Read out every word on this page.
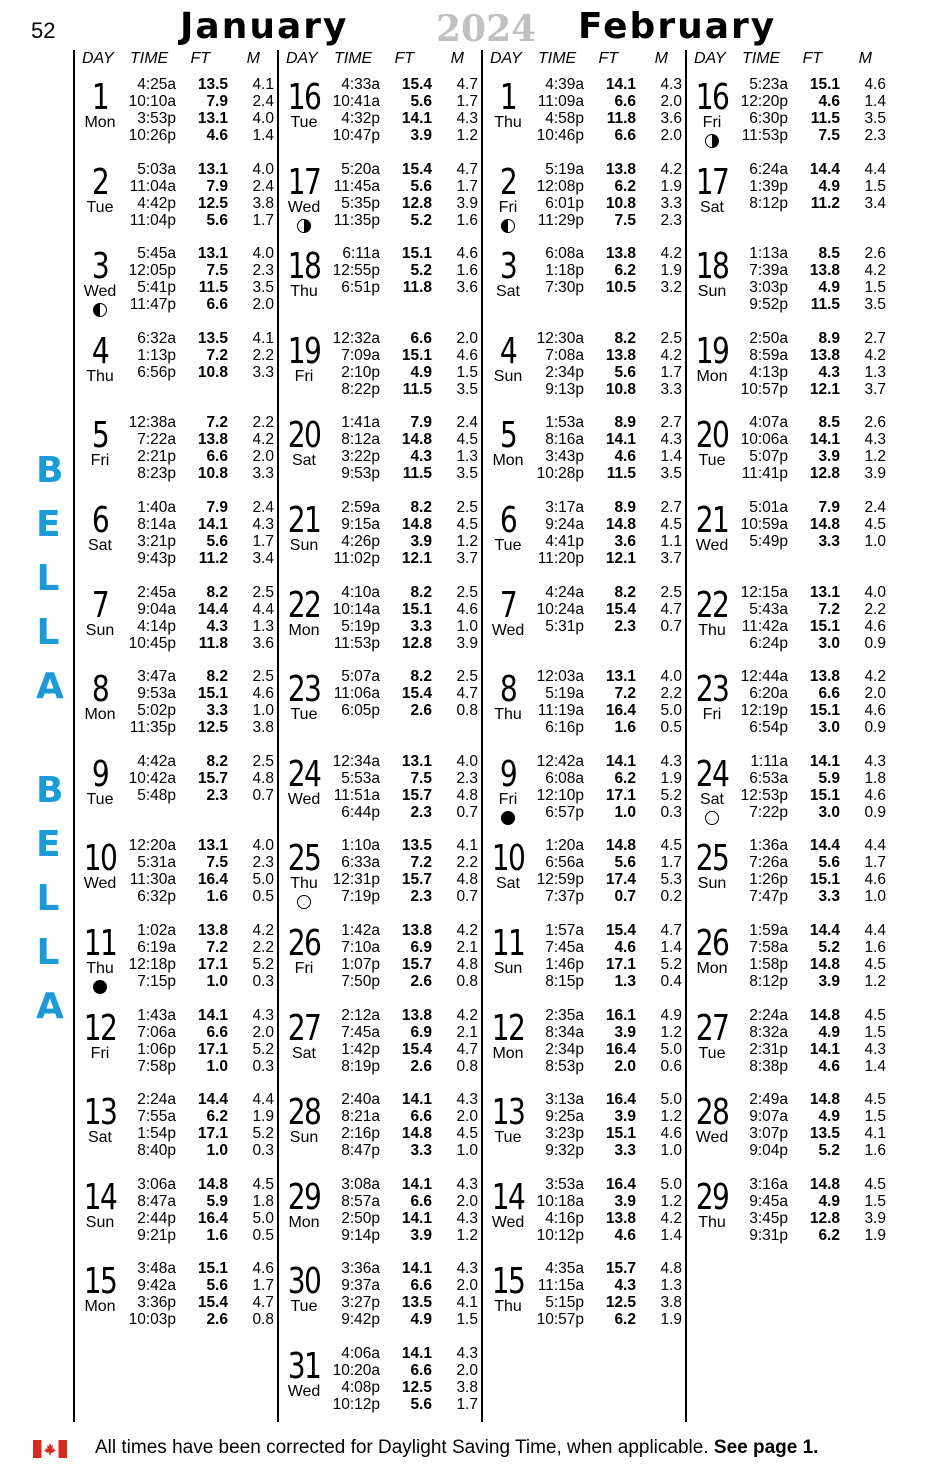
52	January 2024 February
B
E
L
L
A
B
E
L
L
A
DAY TIME FT M
1
Mon
4:25a 13.5 4.1
10:10a 7.9 2.4
3:53p 13.1 4.0
10:26p 4.6 1.4
2
Tue
5:03a 13.1 4.0
11:04a 7.9 2.4
4:42p 12.5 3.8
11:04p 5.6 1.7
3
Wed
5:45a 13.1 4.0
12:05p 7.5 2.3
5:41p 11.5 3.5
11:47p 6.6 2.0
4
Thu
6:32a 13.5 4.1
1:13p 7.2 2.2
6:56p 10.8 3.3
5
Fri
12:38a 7.2 2.2
7:22a 13.8 4.2
2:21p 6.6 2.0
8:23p 10.8 3.3
6
Sat
1:40a 7.9 2.4
8:14a 14.1 4.3
3:21p 5.6 1.7
9:43p 11.2 3.4
7
Sun
2:45a 8.2 2.5
9:04a 14.4 4.4
4:14p 4.3 1.3
10:45p 11.8 3.6
8
Mon
3:47a 8.2 2.5
9:53a 15.1 4.6
5:02p 3.3 1.0
11:35p 12.5 3.8
9
Tue
4:42a 8.2 2.5
10:42a 15.7 4.8
5:48p 2.3 0.7
10
Wed
12:20a 13.1 4.0
5:31a 7.5 2.3
11:30a 16.4 5.0
6:32p 1.6 0.5
11
Thu
1:02a 13.8 4.2
6:19a 7.2 2.2
12:18p 17.1 5.2
7:15p 1.0 0.3
12
Fri
1:43a 14.1 4.3
7:06a 6.6 2.0
1:06p 17.1 5.2
7:58p 1.0 0.3
13
Sat
2:24a 14.4 4.4
7:55a 6.2 1.9
1:54p 17.1 5.2
8:40p 1.0 0.3
14
Sun
3:06a 14.8 4.5
8:47a 5.9 1.8
2:44p 16.4 5.0
9:21p 1.6 0.5
15
Mon
3:48a 15.1 4.6
9:42a 5.6 1.7
3:36p 15.4 4.7
10:03p 2.6 0.8
DAY TIME FT M
16
Tue
4:33a 15.4 4.7
10:41a 5.6 1.7
4:32p 14.1 4.3
10:47p 3.9 1.2
17
Wed
5:20a 15.4 4.7
11:45a 5.6 1.7
5:35p 12.8 3.9
11:35p 5.2 1.6
18
Thu
6:11a 15.1 4.6
12:55p 5.2 1.6
6:51p 11.8 3.6
19
Fri
12:32a 6.6 2.0
7:09a 15.1 4.6
2:10p 4.9 1.5
8:22p 11.5 3.5
20
Sat
1:41a 7.9 2.4
8:12a 14.8 4.5
3:22p 4.3 1.3
9:53p 11.5 3.5
21
Sun
2:59a 8.2 2.5
9:15a 14.8 4.5
4:26p 3.9 1.2
11:02p 12.1 3.7
22
Mon
4:10a 8.2 2.5
10:14a 15.1 4.6
5:19p 3.3 1.0
11:53p 12.8 3.9
23
Tue
5:07a 8.2 2.5
11:06a 15.4 4.7
6:05p 2.6 0.8
24
Wed
12:34a 13.1 4.0
5:53a 7.5 2.3
11:51a 15.7 4.8
6:44p 2.3 0.7
25
Thu
1:10a 13.5 4.1
6:33a 7.2 2.2
12:31p 15.7 4.8
7:19p 2.3 0.7
26
Fri
1:42a 13.8 4.2
7:10a 6.9 2.1
1:07p 15.7 4.8
7:50p 2.6 0.8
27
Sat
2:12a 13.8 4.2
7:45a 6.9 2.1
1:42p 15.4 4.7
8:19p 2.6 0.8
28
Sun
2:40a 14.1 4.3
8:21a 6.6 2.0
2:16p 14.8 4.5
8:47p 3.3 1.0
29
Mon
3:08a 14.1 4.3
8:57a 6.6 2.0
2:50p 14.1 4.3
9:14p 3.9 1.2
30
Tue
3:36a 14.1 4.3
9:37a 6.6 2.0
3:27p 13.5 4.1
9:42p 4.9 1.5
31
Wed
4:06a 14.1 4.3
10:20a 6.6 2.0
4:08p 12.5 3.8
10:12p 5.6 1.7
DAY TIME FT M
1
Thu
4:39a 14.1 4.3
11:09a 6.6 2.0
4:58p 11.8 3.6
10:46p 6.6 2.0
2
Fri
5:19a 13.8 4.2
12:08p 6.2 1.9
6:01p 10.8 3.3
11:29p 7.5 2.3
3
Sat
6:08a 13.8 4.2
1:18p 6.2 1.9
7:30p 10.5 3.2
4
Sun
12:30a 8.2 2.5
7:08a 13.8 4.2
2:34p 5.6 1.7
9:13p 10.8 3.3
5
Mon
1:53a 8.9 2.7
8:16a 14.1 4.3
3:43p 4.6 1.4
10:28p 11.5 3.5
6
Tue
3:17a 8.9 2.7
9:24a 14.8 4.5
4:41p 3.6 1.1
11:20p 12.1 3.7
7
Wed
4:24a 8.2 2.5
10:24a 15.4 4.7
5:31p 2.3 0.7
8
Thu
12:03a 13.1 4.0
5:19a 7.2 2.2
11:19a 16.4 5.0
6:16p 1.6 0.5
9
Fri
12:42a 14.1 4.3
6:08a 6.2 1.9
12:10p 17.1 5.2
6:57p 1.0 0.3
10
Sat
1:20a 14.8 4.5
6:56a 5.6 1.7
12:59p 17.4 5.3
7:37p 0.7 0.2
11
Sun
1:57a 15.4 4.7
7:45a 4.6 1.4
1:46p 17.1 5.2
8:15p 1.3 0.4
12
Mon
2:35a 16.1 4.9
8:34a 3.9 1.2
2:34p 16.4 5.0
8:53p 2.0 0.6
13
Tue
3:13a 16.4 5.0
9:25a 3.9 1.2
3:23p 15.1 4.6
9:32p 3.3 1.0
14
Wed
3:53a 16.4 5.0
10:18a 3.9 1.2
4:16p 13.8 4.2
10:12p 4.6 1.4
15
Thu
4:35a 15.7 4.8
11:15a 4.3 1.3
5:15p 12.5 3.8
10:57p 6.2 1.9
DAY TIME FT M
16
Fri
5:23a 15.1 4.6
12:20p 4.6 1.4
6:30p 11.5 3.5
11:53p 7.5 2.3
17
Sat
6:24a 14.4 4.4
1:39p 4.9 1.5
8:12p 11.2 3.4
18
Sun
1:13a 8.5 2.6
7:39a 13.8 4.2
3:03p 4.9 1.5
9:52p 11.5 3.5
19
Mon
2:50a 8.9 2.7
8:59a 13.8 4.2
4:13p 4.3 1.3
10:57p 12.1 3.7
20
Tue
4:07a 8.5 2.6
10:06a 14.1 4.3
5:07p 3.9 1.2
11:41p 12.8 3.9
21
Wed
5:01a 7.9 2.4
10:59a 14.8 4.5
5:49p 3.3 1.0
22
Thu
12:15a 13.1 4.0
5:43a 7.2 2.2
11:42a 15.1 4.6
6:24p 3.0 0.9
23
Fri
12:44a 13.8 4.2
6:20a 6.6 2.0
12:19p 15.1 4.6
6:54p 3.0 0.9
24
Sat
1:11a 14.1 4.3
6:53a 5.9 1.8
12:53p 15.1 4.6
7:22p 3.0 0.9
25
Sun
1:36a 14.4 4.4
7:26a 5.6 1.7
1:26p 15.1 4.6
7:47p 3.3 1.0
26
Mon
1:59a 14.4 4.4
7:58a 5.2 1.6
1:58p 14.8 4.5
8:12p 3.9 1.2
27
Tue
2:24a 14.8 4.5
8:32a 4.9 1.5
2:31p 14.1 4.3
8:38p 4.6 1.4
28
Wed
2:49a 14.8 4.5
9:07a 4.9 1.5
3:07p 13.5 4.1
9:04p 5.2 1.6
29
Thu
3:16a 14.8 4.5
9:45a 4.9 1.5
3:45p 12.8 3.9
9:31p 6.2 1.9
All times have been corrected for Daylight Saving Time, when applicable. See page 1.
